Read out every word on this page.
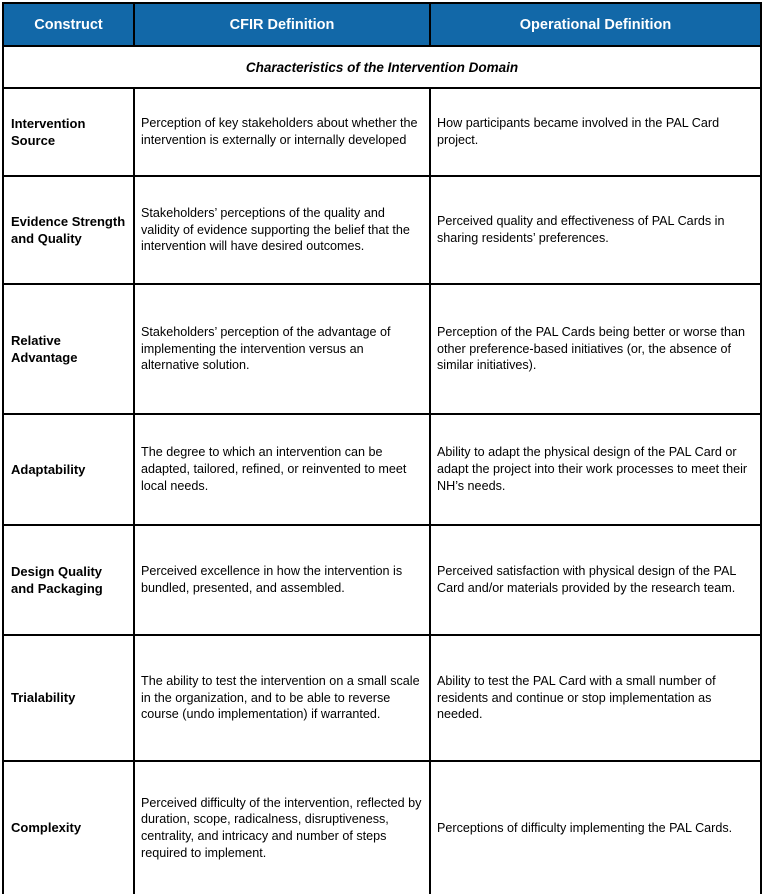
Construct	CFIR Definition	Operational Definition
Characteristics of the Intervention Domain		
Intervention Source	Perception of key stakeholders about whether the intervention is externally or internally developed	How participants became involved in the PAL Card project.
Evidence Strength and Quality	Stakeholders’ perceptions of the quality and validity of evidence supporting the belief that the intervention will have desired outcomes.	Perceived quality and effectiveness of PAL Cards in sharing residents’ preferences.
Relative Advantage	Stakeholders’ perception of the advantage of implementing the intervention versus an alternative solution.	Perception of the PAL Cards being better or worse than other preference-based initiatives (or, the absence of similar initiatives).
Adaptability	The degree to which an intervention can be adapted, tailored, refined, or reinvented to meet local needs.	Ability to adapt the physical design of the PAL Card or adapt the project into their work processes to meet their NH’s needs.
Design Quality and Packaging	Perceived excellence in how the intervention is bundled, presented, and assembled.	Perceived satisfaction with physical design of the PAL Card and/or materials provided by the research team.
Trialability	The ability to test the intervention on a small scale in the organization, and to be able to reverse course (undo implementation) if warranted.	Ability to test the PAL Card with a small number of residents and continue or stop implementation as needed.
Complexity	Perceived difficulty of the intervention, reflected by duration, scope, radicalness, disruptiveness, centrality, and intricacy and number of steps required to implement.	Perceptions of difficulty implementing the PAL Cards.
